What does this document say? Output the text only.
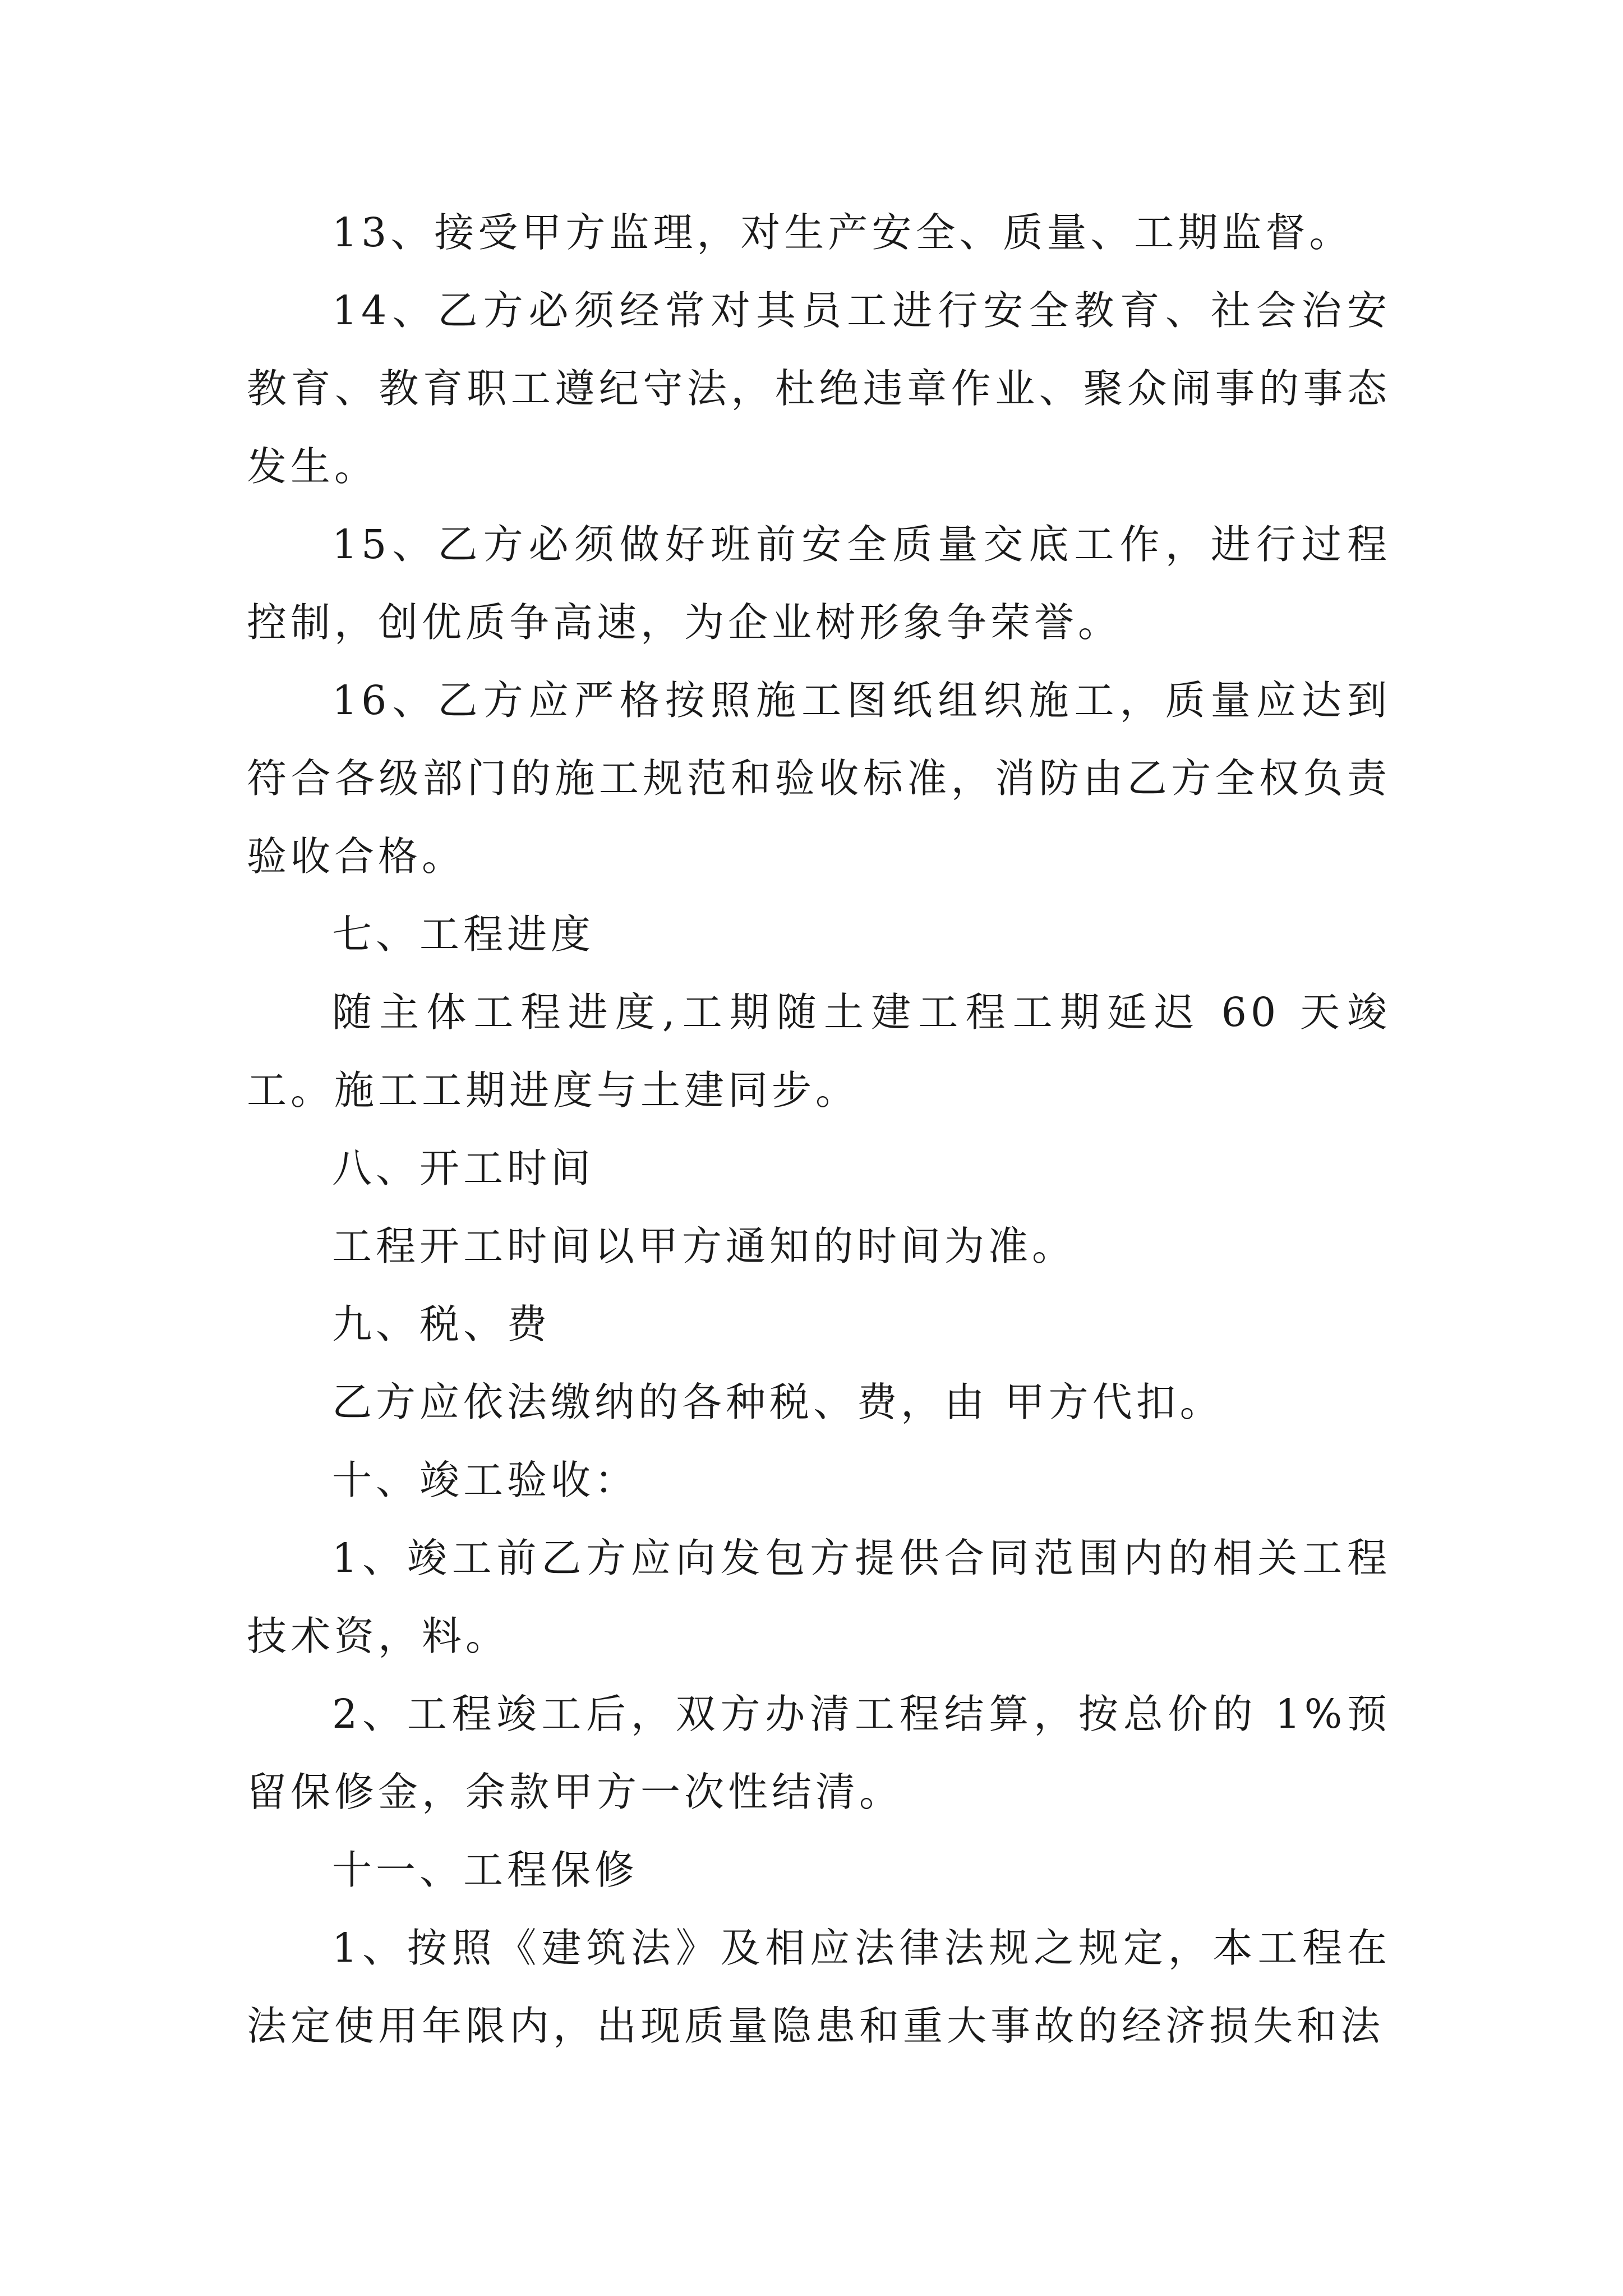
13、接受甲方监理，对生产安全、质量、工期监督。

14、乙方必须经常对其员工进行安全教育、社会治安教育、教育职工遵纪守法，杜绝违章作业、聚众闹事的事态发生。

15、乙方必须做好班前安全质量交底工作，进行过程控制，创优质争高速，为企业树形象争荣誉。

16、乙方应严格按照施工图纸组织施工，质量应达到符合各级部门的施工规范和验收标准，消防由乙方全权负责验收合格。

七、工程进度

随主体工程进度,工期随土建工程工期延迟 60 天竣工。施工工期进度与土建同步。

八、开工时间

工程开工时间以甲方通知的时间为准。

九、税、费

乙方应依法缴纳的各种税、费，由 甲方代扣。

十、竣工验收：

1、竣工前乙方应向发包方提供合同范围内的相关工程技术资，料。

2、工程竣工后，双方办清工程结算，按总价的 1%预留保修金，余款甲方一次性结清。

十一、工程保修

1、按照《建筑法》及相应法律法规之规定，本工程在法定使用年限内，出现质量隐患和重大事故的经济损失和法
